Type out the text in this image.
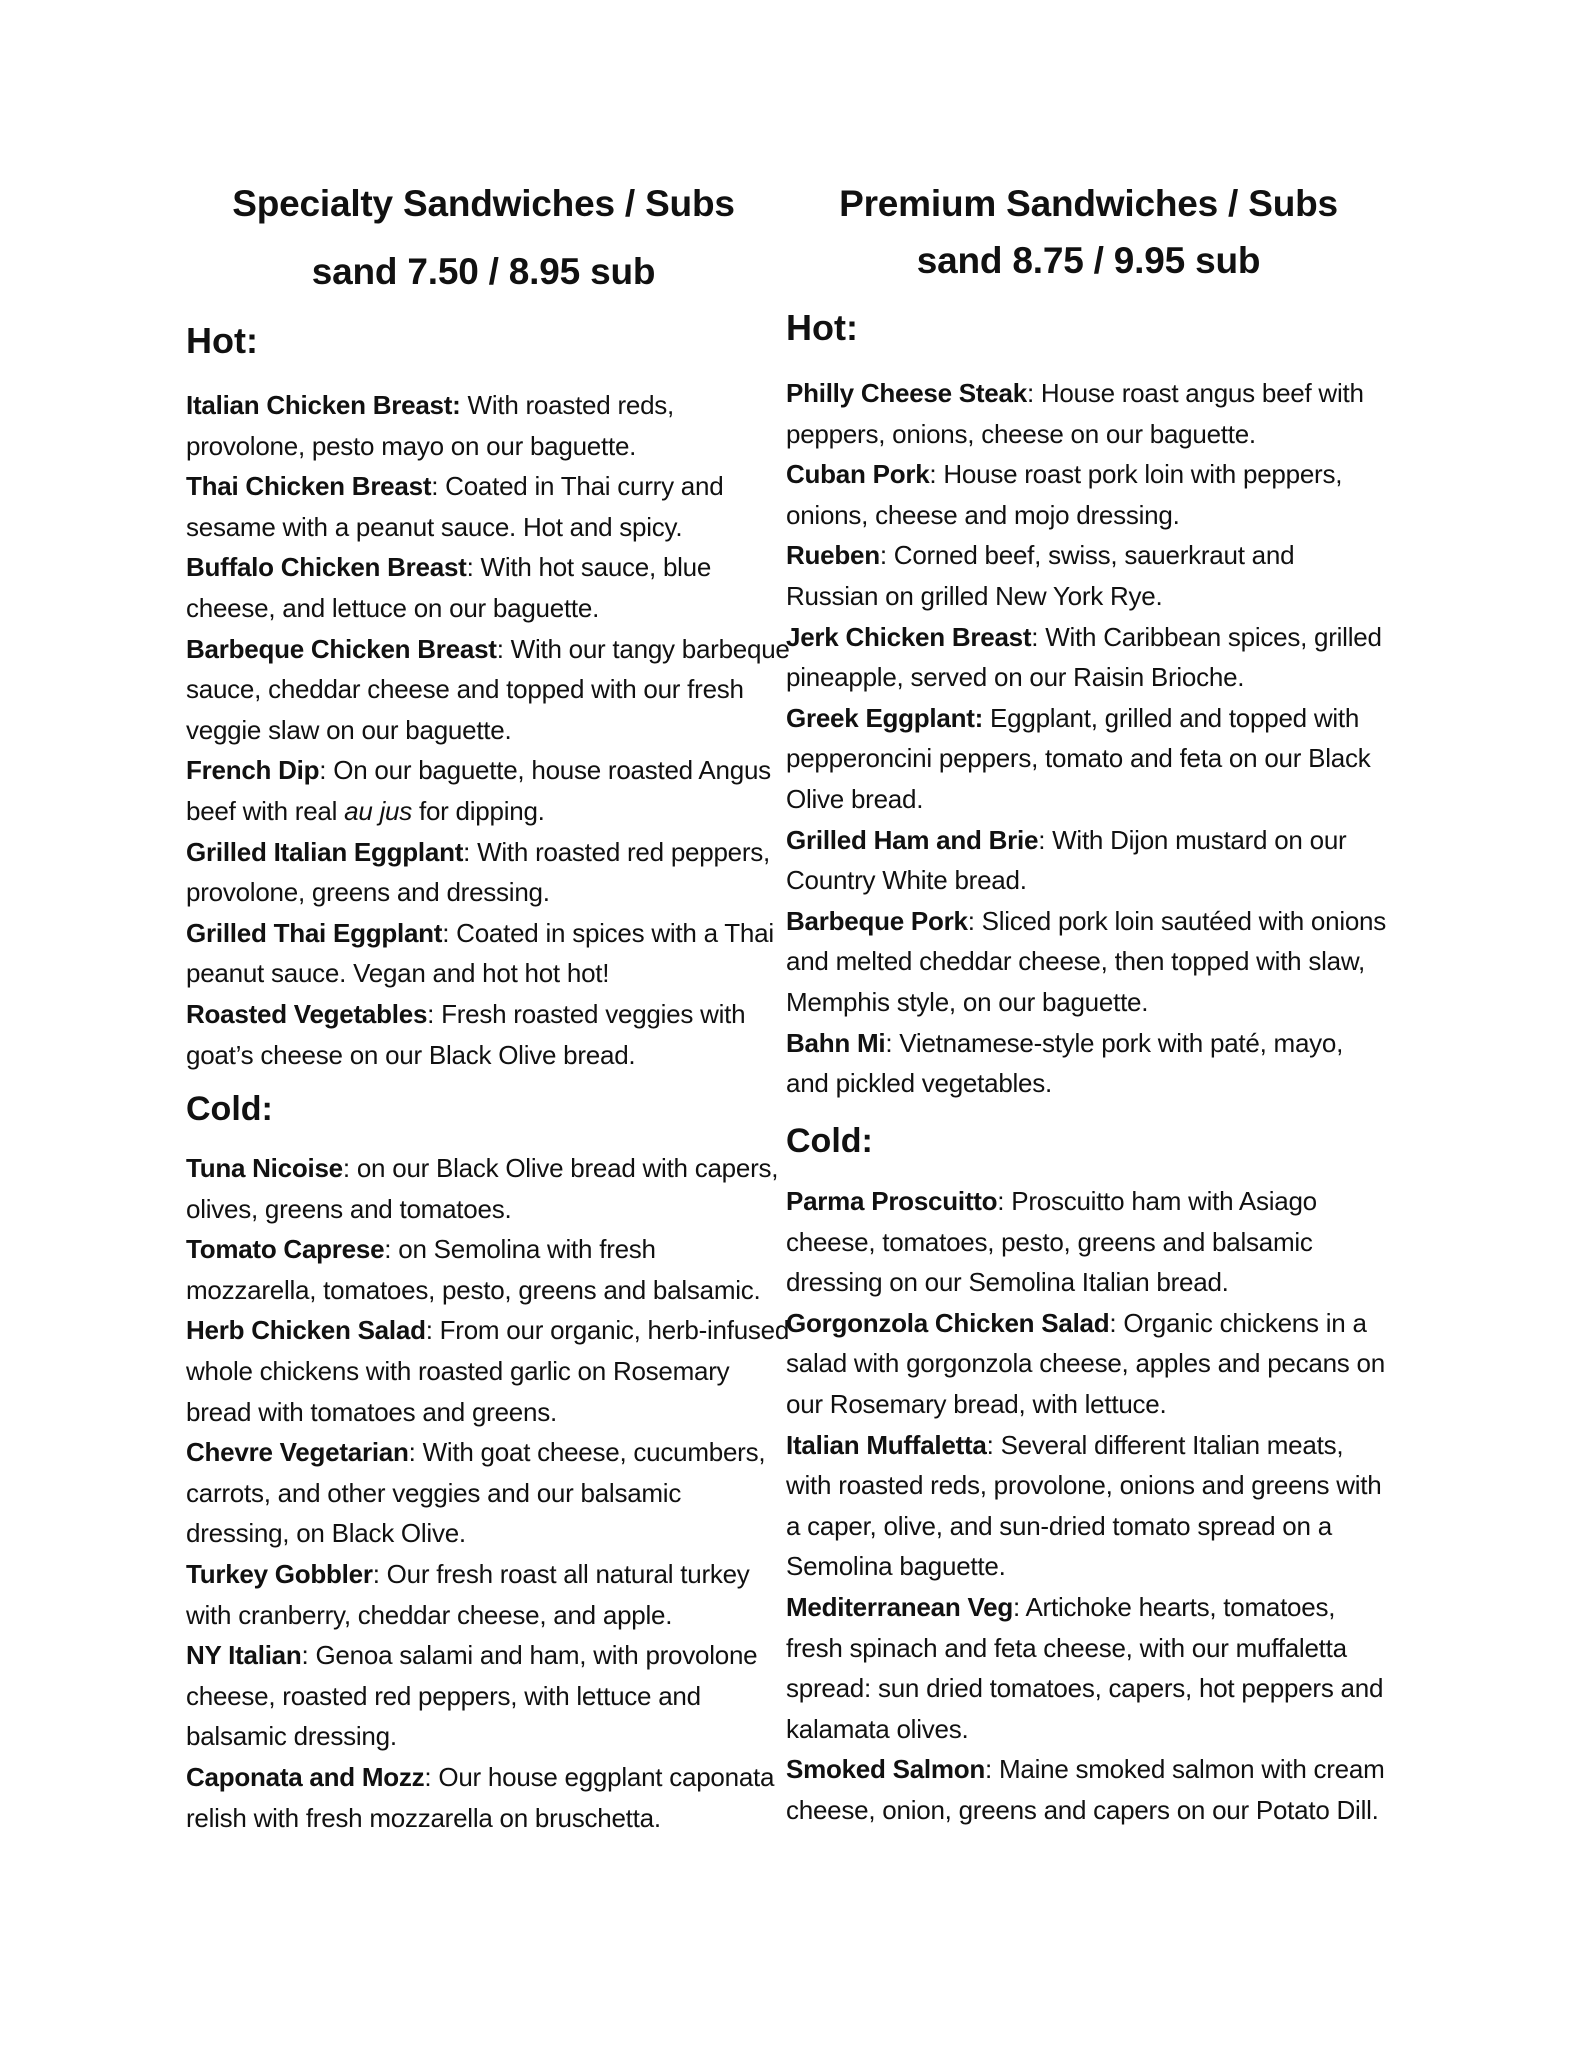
Specialty Sandwiches / Subs
sand 7.50 / 8.95 sub
Hot:

Italian Chicken Breast: With roasted reds, provolone, pesto mayo on our baguette.

Thai Chicken Breast: Coated in Thai curry and sesame with a peanut sauce. Hot and spicy.

Buffalo Chicken Breast: With hot sauce, blue cheese, and lettuce on our baguette.

Barbeque Chicken Breast: With our tangy barbeque sauce, cheddar cheese and topped with our fresh veggie slaw on our baguette.

French Dip: On our baguette, house roasted Angus beef with real au jus for dipping.

Grilled Italian Eggplant: With roasted red peppers, provolone, greens and dressing.

Grilled Thai Eggplant: Coated in spices with a Thai peanut sauce. Vegan and hot hot hot!

Roasted Vegetables: Fresh roasted veggies with goat’s cheese on our Black Olive bread.

Cold:

Tuna Nicoise: on our Black Olive bread with capers, olives, greens and tomatoes.

Tomato Caprese: on Semolina with fresh mozzarella, tomatoes, pesto, greens and balsamic.

Herb Chicken Salad: From our organic, herb-infused whole chickens with roasted garlic on Rosemary bread with tomatoes and greens.

Chevre Vegetarian: With goat cheese, cucumbers, carrots, and other veggies and our balsamic dressing, on Black Olive.

Turkey Gobbler: Our fresh roast all natural turkey with cranberry, cheddar cheese, and apple.

NY Italian: Genoa salami and ham, with provolone cheese, roasted red peppers, with lettuce and balsamic dressing.

Caponata and Mozz: Our house eggplant caponata relish with fresh mozzarella on bruschetta.

Premium Sandwiches / Subs
sand 8.75 / 9.95 sub
Hot:

Philly Cheese Steak: House roast angus beef with peppers, onions, cheese on our baguette.

Cuban Pork: House roast pork loin with peppers, onions, cheese and mojo dressing.

Rueben: Corned beef, swiss, sauerkraut and Russian on grilled New York Rye.

Jerk Chicken Breast: With Caribbean spices, grilled pineapple, served on our Raisin Brioche.

Greek Eggplant: Eggplant, grilled and topped with pepperoncini peppers, tomato and feta on our Black Olive bread.

Grilled Ham and Brie: With Dijon mustard on our Country White bread.

Barbeque Pork: Sliced pork loin sautéed with onions and melted cheddar cheese, then topped with slaw, Memphis style, on our baguette.

Bahn Mi: Vietnamese-style pork with paté, mayo, and pickled vegetables.

Cold:

Parma Proscuitto: Proscuitto ham with Asiago cheese, tomatoes, pesto, greens and balsamic dressing on our Semolina Italian bread.

Gorgonzola Chicken Salad: Organic chickens in a salad with gorgonzola cheese, apples and pecans on our Rosemary bread, with lettuce.

Italian Muffaletta: Several different Italian meats, with roasted reds, provolone, onions and greens with a caper, olive, and sun-dried tomato spread on a Semolina baguette.

Mediterranean Veg: Artichoke hearts, tomatoes, fresh spinach and feta cheese, with our muffaletta spread: sun dried tomatoes, capers, hot peppers and kalamata olives.

Smoked Salmon: Maine smoked salmon with cream cheese, onion, greens and capers on our Potato Dill.
